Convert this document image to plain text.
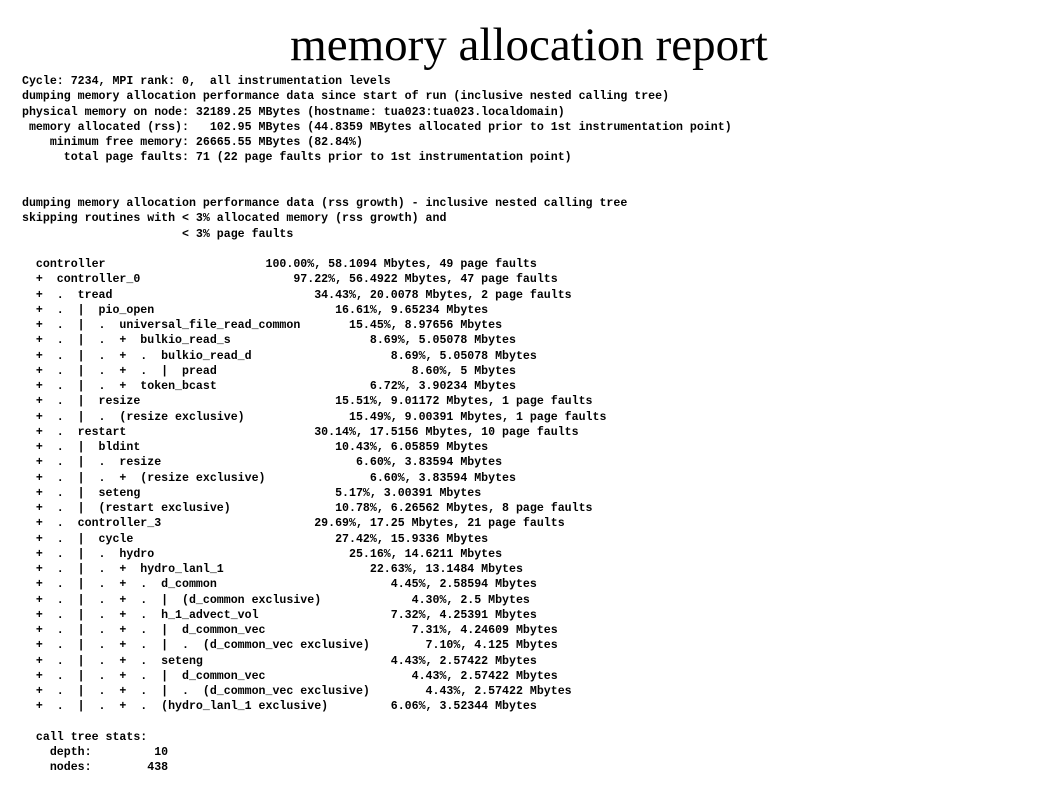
memory allocation report
Cycle: 7234, MPI rank: 0,  all instrumentation levels
dumping memory allocation performance data since start of run (inclusive nested calling tree)
physical memory on node: 32189.25 MBytes (hostname: tua023:tua023.localdomain)
memory allocated (rss):   102.95 MBytes (44.8359 MBytes allocated prior to 1st instrumentation point)
minimum free memory: 26665.55 MBytes (82.84%)
total page faults: 71 (22 page faults prior to 1st instrumentation point)
dumping memory allocation performance data (rss growth) - inclusive nested calling tree
skipping routines with < 3% allocated memory (rss growth) and
< 3% page faults
controller                       100.00%, 58.1094 Mbytes, 49 page faults
+  controller_0                      97.22%, 56.4922 Mbytes, 47 page faults
+  .  tread                             34.43%, 20.0078 Mbytes, 2 page faults
+  .  |  pio_open                          16.61%, 9.65234 Mbytes
+  .  |  .  universal_file_read_common       15.45%, 8.97656 Mbytes
+  .  |  .  +  bulkio_read_s                    8.69%, 5.05078 Mbytes
+  .  |  .  +  .  bulkio_read_d                    8.69%, 5.05078 Mbytes
+  .  |  .  +  .  |  pread                            8.60%, 5 Mbytes
+  .  |  .  +  token_bcast                      6.72%, 3.90234 Mbytes
+  .  |  resize                            15.51%, 9.01172 Mbytes, 1 page faults
+  .  |  .  (resize exclusive)               15.49%, 9.00391 Mbytes, 1 page faults
+  .  restart                           30.14%, 17.5156 Mbytes, 10 page faults
+  .  |  bldint                            10.43%, 6.05859 Mbytes
+  .  |  .  resize                            6.60%, 3.83594 Mbytes
+  .  |  .  +  (resize exclusive)               6.60%, 3.83594 Mbytes
+  .  |  seteng                            5.17%, 3.00391 Mbytes
+  .  |  (restart exclusive)               10.78%, 6.26562 Mbytes, 8 page faults
+  .  controller_3                      29.69%, 17.25 Mbytes, 21 page faults
+  .  |  cycle                             27.42%, 15.9336 Mbytes
+  .  |  .  hydro                            25.16%, 14.6211 Mbytes
+  .  |  .  +  hydro_lanl_1                     22.63%, 13.1484 Mbytes
+  .  |  .  +  .  d_common                         4.45%, 2.58594 Mbytes
+  .  |  .  +  .  |  (d_common exclusive)             4.30%, 2.5 Mbytes
+  .  |  .  +  .  h_1_advect_vol                   7.32%, 4.25391 Mbytes
+  .  |  .  +  .  |  d_common_vec                     7.31%, 4.24609 Mbytes
+  .  |  .  +  .  |  .  (d_common_vec exclusive)        7.10%, 4.125 Mbytes
+  .  |  .  +  .  seteng                           4.43%, 2.57422 Mbytes
+  .  |  .  +  .  |  d_common_vec                     4.43%, 2.57422 Mbytes
+  .  |  .  +  .  |  .  (d_common_vec exclusive)        4.43%, 2.57422 Mbytes
+  .  |  .  +  .  (hydro_lanl_1 exclusive)         6.06%, 3.52344 Mbytes
call tree stats:
depth:         10
nodes:        438
